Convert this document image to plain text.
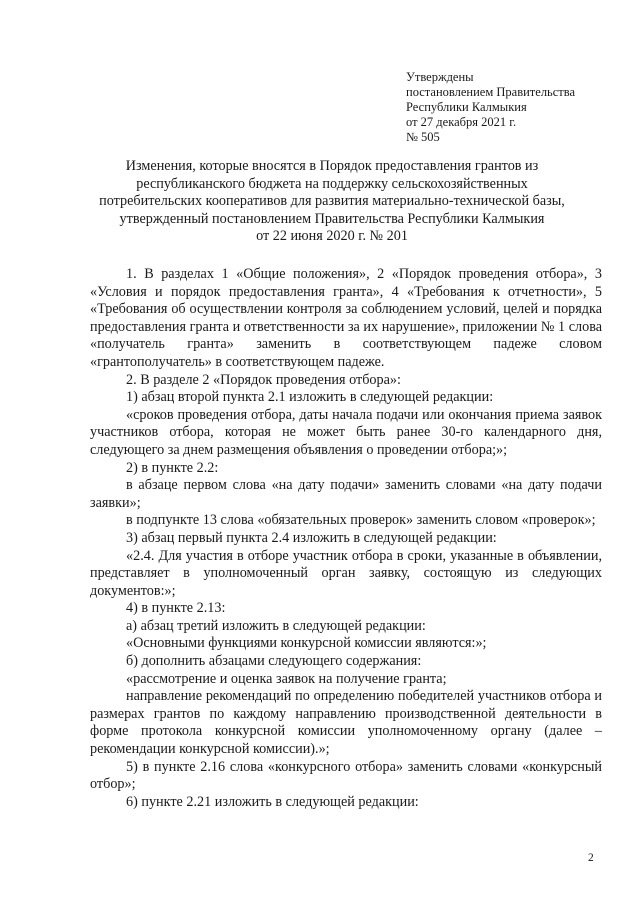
Утверждены
постановлением Правительства
Республики Калмыкия
от 27 декабря 2021 г.
№ 505
Изменения, которые вносятся в Порядок предоставления грантов из
республиканского бюджета на поддержку сельскохозяйственных
потребительских кооперативов для развития материально-технической базы,
утвержденный постановлением Правительства Республики Калмыкия
от 22 июня 2020 г. № 201

1. В разделах 1 «Общие положения», 2 «Порядок проведения отбора», 3 «Условия и порядок предоставления гранта», 4 «Требования к отчетности», 5 «Требования об осуществлении контроля за соблюдением условий, целей и порядка предоставления гранта и ответственности за их нарушение», приложении № 1 слова «получатель гранта» заменить в соответствующем падеже словом «грантополучатель» в соответствующем падеже.

2. В разделе 2 «Порядок проведения отбора»:

1) абзац второй пункта 2.1 изложить в следующей редакции:

«сроков проведения отбора, даты начала подачи или окончания приема заявок участников отбора, которая не может быть ранее 30-го календарного дня, следующего за днем размещения объявления о проведении отбора;»;

2) в пункте 2.2:

в абзаце первом слова «на дату подачи» заменить словами «на дату подачи заявки»;

в подпункте 13 слова «обязательных проверок» заменить словом «проверок»;

3) абзац первый пункта 2.4 изложить в следующей редакции:

«2.4. Для участия в отборе участник отбора в сроки, указанные в объявлении, представляет в уполномоченный орган заявку, состоящую из следующих документов:»;

4) в пункте 2.13:

а) абзац третий изложить в следующей редакции:

«Основными функциями конкурсной комиссии являются:»;

б) дополнить абзацами следующего содержания:

«рассмотрение и оценка заявок на получение гранта;

направление рекомендаций по определению победителей участников отбора и размерах грантов по каждому направлению производственной деятельности в форме протокола конкурсной комиссии уполномоченному органу (далее – рекомендации конкурсной комиссии).»;

5) в пункте 2.16 слова «конкурсного отбора» заменить словами «конкурсный отбор»;

6) пункте 2.21 изложить в следующей редакции:

2
